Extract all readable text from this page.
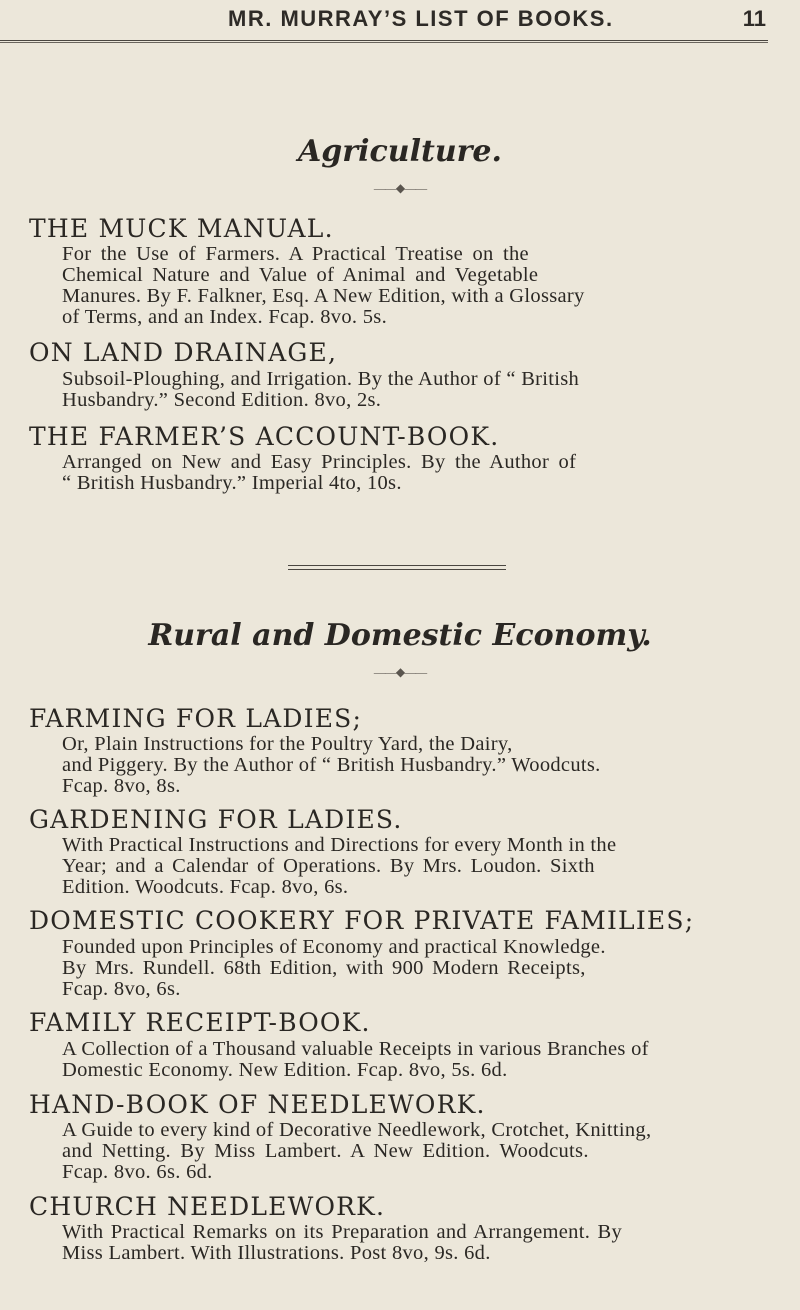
MR. MURRAY’S LIST OF BOOKS.	11
Agriculture.
——◆——
THE MUCK MANUAL.
For the Use of Farmers. A Practical Treatise on the
Chemical Nature and Value of Animal and Vegetable
Manures. By F. Falkner, Esq. A New Edition, with a Glossary
of Terms, and an Index. Fcap. 8vo. 5s.
ON LAND DRAINAGE,
Subsoil-Ploughing, and Irrigation. By the Author of “ British
Husbandry.” Second Edition. 8vo, 2s.
THE FARMER’S ACCOUNT-BOOK.
Arranged on New and Easy Principles. By the Author of
“ British Husbandry.” Imperial 4to, 10s.
Rural and Domestic Economy.
——◆——
FARMING FOR LADIES;
Or, Plain Instructions for the Poultry Yard, the Dairy,
and Piggery. By the Author of “ British Husbandry.” Woodcuts.
Fcap. 8vo, 8s.
GARDENING FOR LADIES.
With Practical Instructions and Directions for every Month in the
Year; and a Calendar of Operations. By Mrs. Loudon. Sixth
Edition. Woodcuts. Fcap. 8vo, 6s.
DOMESTIC COOKERY FOR PRIVATE FAMILIES;
Founded upon Principles of Economy and practical Knowledge.
By Mrs. Rundell. 68th Edition, with 900 Modern Receipts,
Fcap. 8vo, 6s.
FAMILY RECEIPT-BOOK.
A Collection of a Thousand valuable Receipts in various Branches of
Domestic Economy. New Edition. Fcap. 8vo, 5s. 6d.
HAND-BOOK OF NEEDLEWORK.
A Guide to every kind of Decorative Needlework, Crotchet, Knitting,
and Netting. By Miss Lambert. A New Edition. Woodcuts.
Fcap. 8vo. 6s. 6d.
CHURCH NEEDLEWORK.
With Practical Remarks on its Preparation and Arrangement. By
Miss Lambert. With Illustrations. Post 8vo, 9s. 6d.
